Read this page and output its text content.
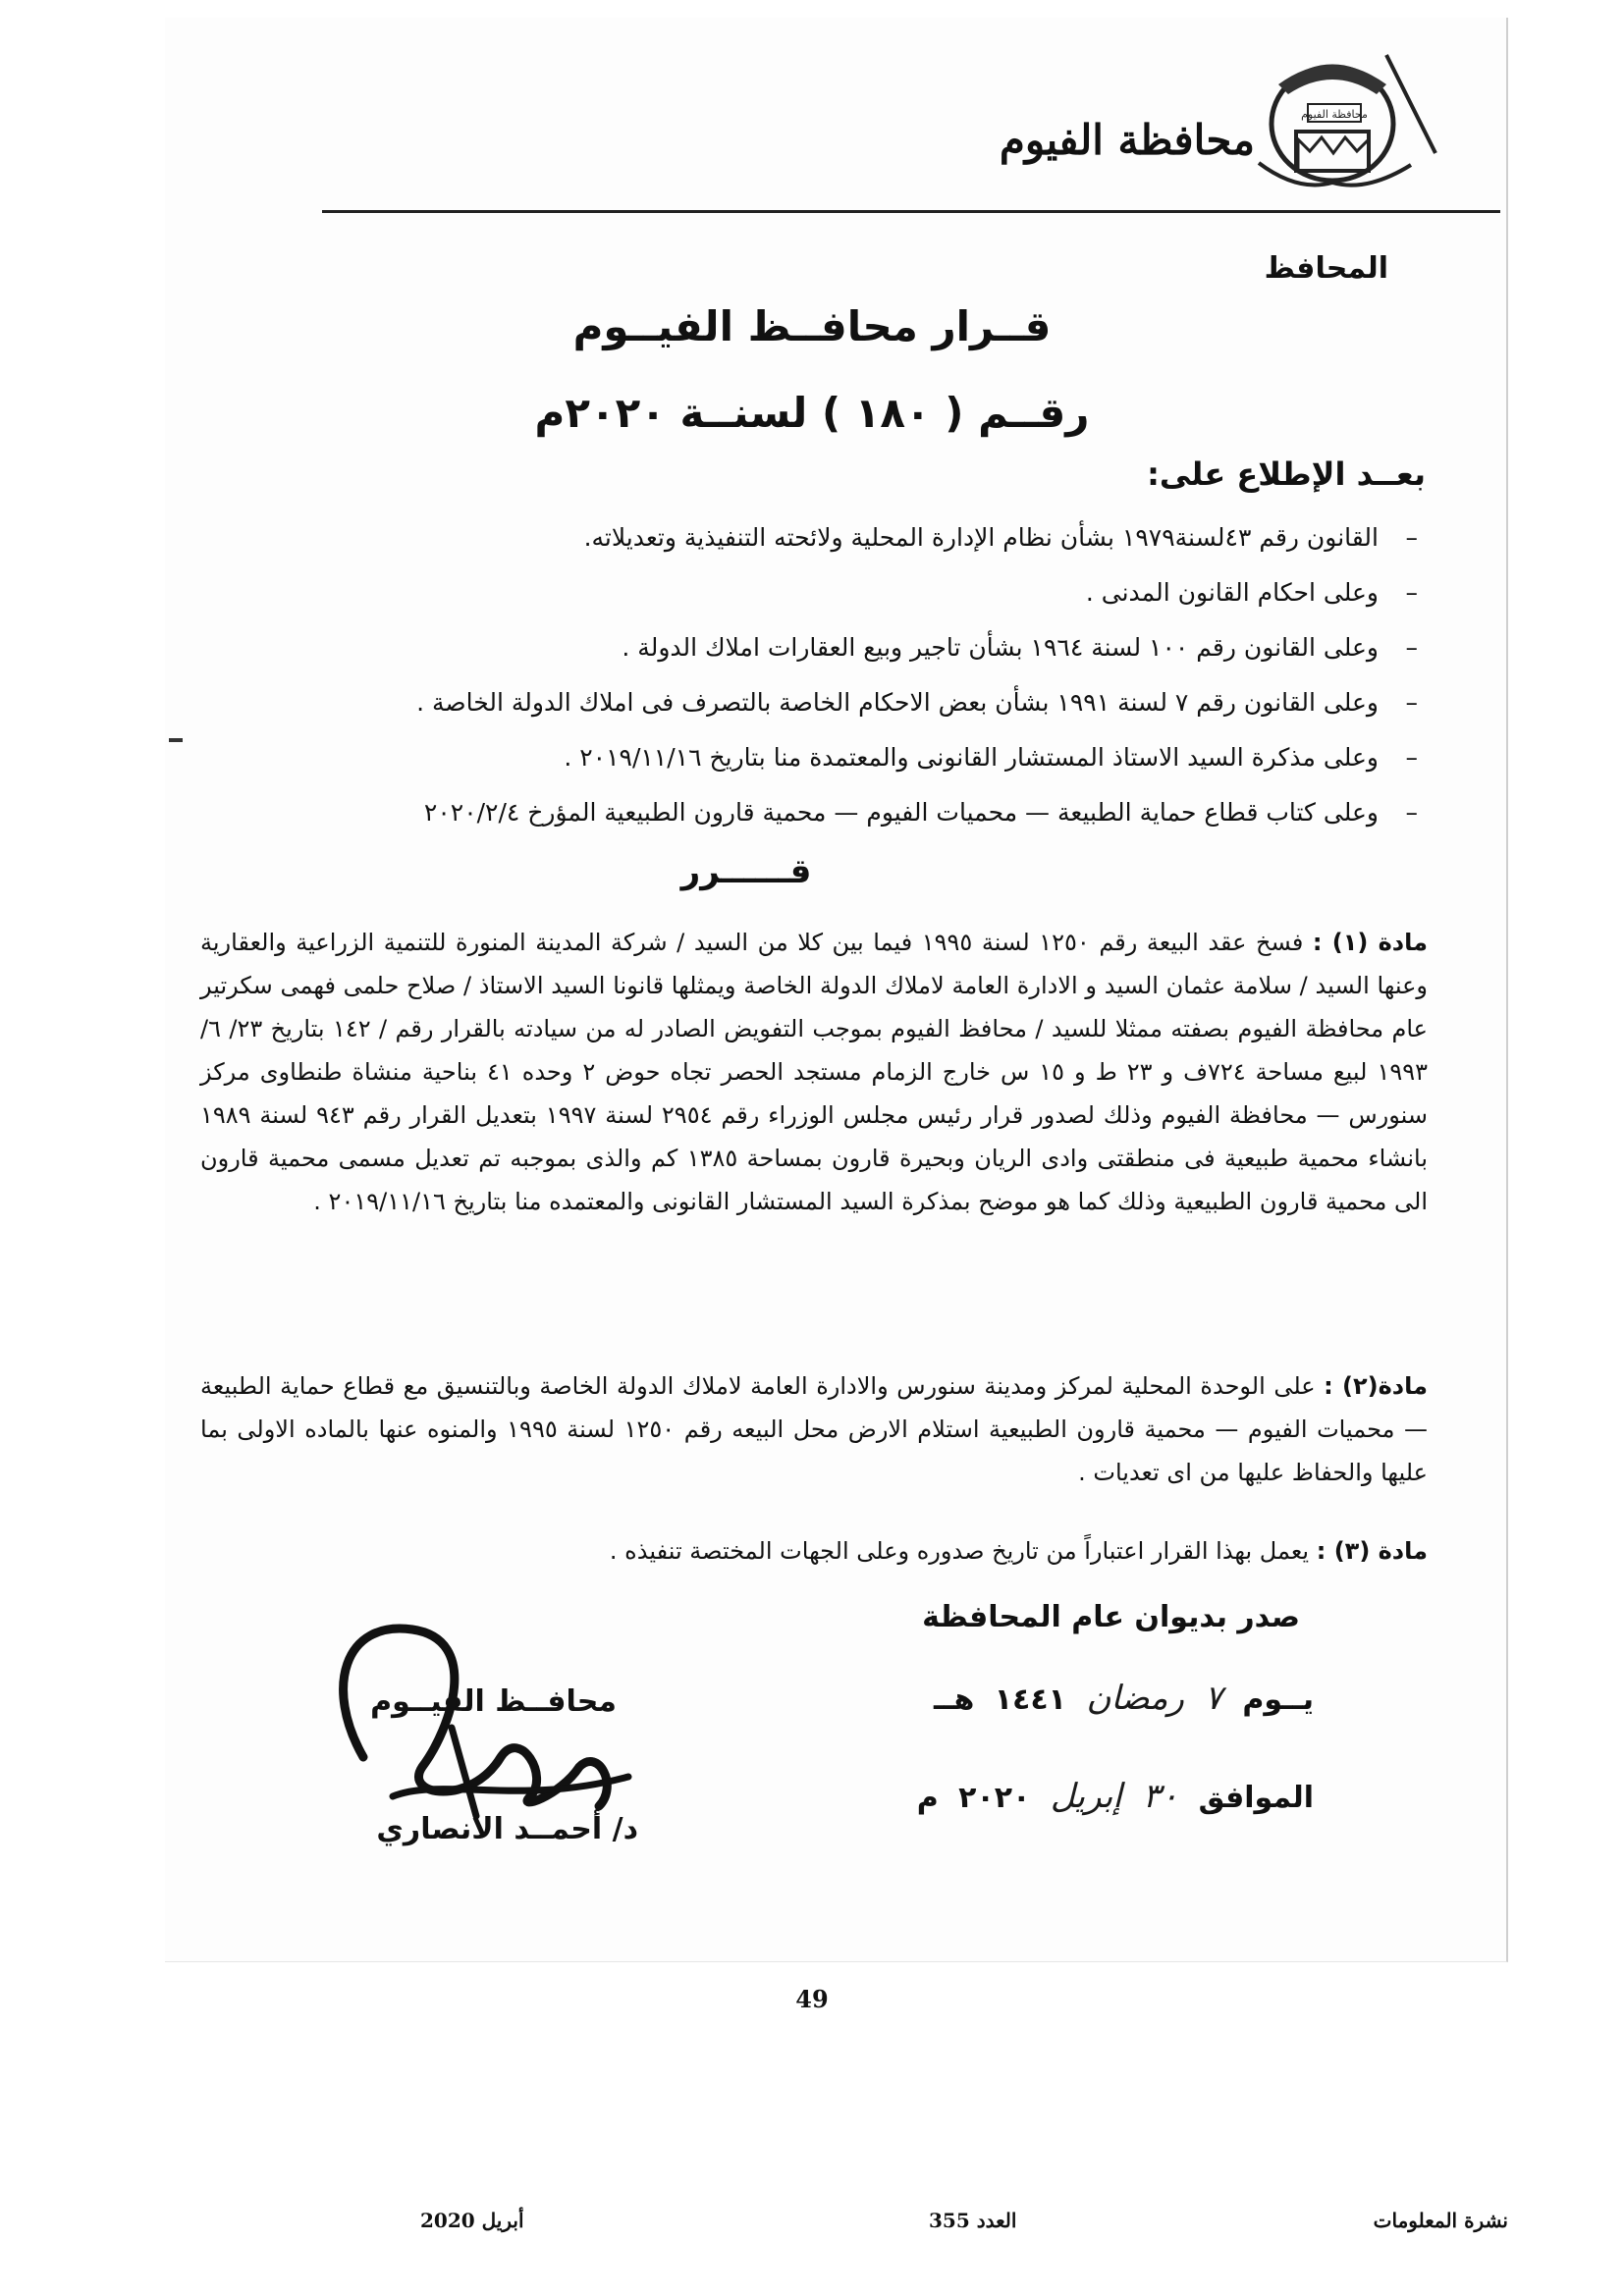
محافظة الفيوم
محافظة الفيوم
المحافظ
قــرار محافــظ الفيــوم
رقــم ( ١٨٠ ) لسنــة ٢٠٢٠م
بعــد الإطلاع على:
–القانون رقم ٤٣لسنة١٩٧٩ بشأن نظام الإدارة المحلية ولائحته التنفيذية وتعديلاته.
–وعلى احكام القانون المدنى .
–وعلى القانون رقم ١٠٠ لسنة ١٩٦٤ بشأن تاجير وبيع العقارات املاك الدولة .
–وعلى القانون رقم ٧ لسنة ١٩٩١ بشأن بعض الاحكام الخاصة بالتصرف فى املاك الدولة الخاصة .
–وعلى مذكرة السيد الاستاذ المستشار القانونى والمعتمدة منا بتاريخ ٢٠١٩/١١/١٦ .
–وعلى كتاب قطاع حماية الطبيعة — محميات الفيوم — محمية قارون الطبيعية المؤرخ ٢٠٢٠/٢/٤
قــــــرر
مادة (١) : فسخ عقد البيعة رقم ١٢٥٠ لسنة ١٩٩٥ فيما بين كلا من السيد / شركة المدينة المنورة للتنمية الزراعية والعقارية وعنها السيد / سلامة عثمان السيد و الادارة العامة لاملاك الدولة الخاصة ويمثلها قانونا السيد الاستاذ / صلاح حلمى فهمى سكرتير عام محافظة الفيوم بصفته ممثلا للسيد / محافظ الفيوم بموجب التفويض الصادر له من سيادته بالقرار رقم / ١٤٢ بتاريخ ٢٣/ ٦/ ١٩٩٣ لبيع مساحة ٧٢٤ف و ٢٣ ط و ١٥ س خارج الزمام مستجد الحصر تجاه حوض ٢ وحده ٤١ بناحية منشاة طنطاوى مركز سنورس — محافظة الفيوم وذلك لصدور قرار رئيس مجلس الوزراء رقم ٢٩٥٤ لسنة ١٩٩٧ بتعديل القرار رقم ٩٤٣ لسنة ١٩٨٩ بانشاء محمية طبيعية فى منطقتى وادى الريان وبحيرة قارون بمساحة ١٣٨٥ كم والذى بموجبه تم تعديل مسمى محمية قارون الى محمية قارون الطبيعية وذلك كما هو موضح بمذكرة السيد المستشار القانونى والمعتمده منا بتاريخ ٢٠١٩/١١/١٦ .
مادة(٢) : على الوحدة المحلية لمركز ومدينة سنورس والادارة العامة لاملاك الدولة الخاصة وبالتنسيق مع قطاع حماية الطبيعة — محميات الفيوم — محمية قارون الطبيعية استلام الارض محل البيعه رقم ١٢٥٠ لسنة ١٩٩٥ والمنوه عنها بالماده الاولى بما عليها والحفاظ عليها من اى تعديات .
مادة (٣) : يعمل بهذا القرار اعتباراً من تاريخ صدوره وعلى الجهات المختصة تنفيذه .
صدر بديوان عام المحافظة
يــوم ٧ رمضان ١٤٤١ هــ
الموافق ٣٠ إبريل ٢٠٢٠ م
محافــظ الفيــوم
د/ أحمــد الانصاري
49
نشرة المعلومات
العدد 355
أبريل 2020
